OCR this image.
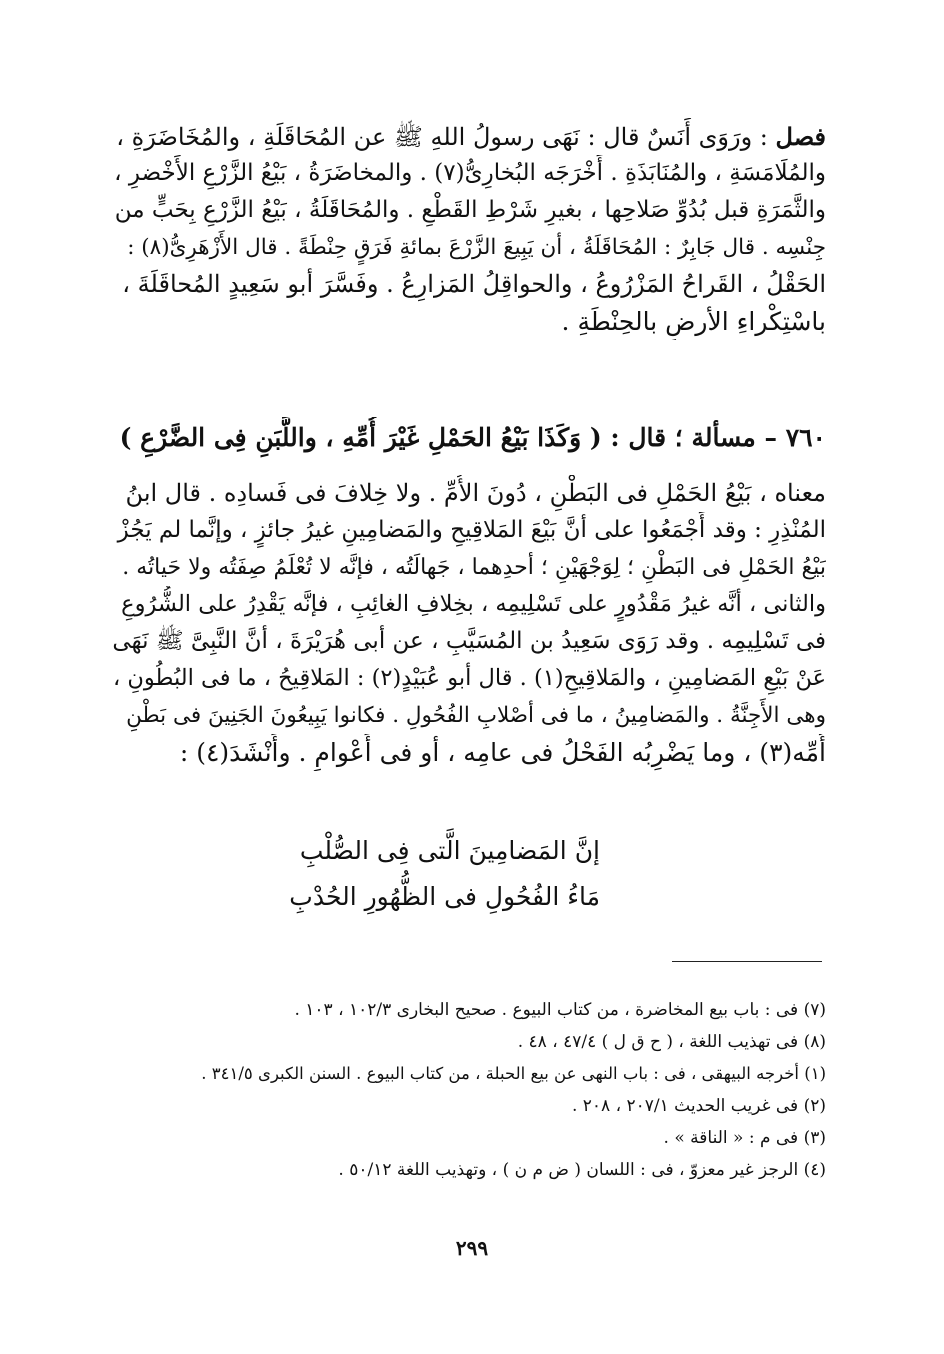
فصل : ورَوَى أَنَسٌ قال : نَهَى رسولُ اللهِ ﷺ عن المُحَاقَلَةِ ، والمُخَاضَرَةِ ،
والمُلَامَسَةِ ، والمُنَابَذَةِ . أَخْرَجَه البُخارِىُّ(٧) . والمخاضَرَةُ ، بَيْعُ الزَّرْعِ الأَخْضرِ ،
والثَّمَرَةِ قبل بُدُوِّ صَلاحِها ، بغيرِ شَرْطِ القَطْعِ . والمُحَاقَلَةُ ، بَيْعُ الزَّرْعِ بِحَبٍّ من
جِنْسِه . قال جَابِرٌ : المُحَاقَلَةُ ، أن يَبِيعَ الزَّرْعَ بمائةِ فَرَقٍ حِنْطَةً . قال الأَزْهَرِىُّ(٨) :
الحَقْلُ ، القَراحُ المَزْرُوعُ ، والحواقِلُ المَزارِعُ . وفَسَّرَ أبو سَعِيدٍ المُحاقَلَةَ ،
باسْتِكْراءِ الأرضِ بالحِنْطَةِ .
٧٦٠ – مسألة ؛ قال : ( وَكَذَا بَيْعُ الحَمْلِ غَيْرَ أُمِّهِ ، واللَّبَنِ فِى الضَّرْعِ )
معناه ، بَيْعُ الحَمْلِ فى البَطْنِ ، دُونَ الأُمِّ . ولا خِلافَ فى فَسادِه . قال ابنُ
المُنْذِرِ : وقد أَجْمَعُوا على أنَّ بَيْعَ المَلاقِيحِ والمَضامِينِ غيرُ جائزٍ ، وإنَّما لم يَجُزْ
بَيْعُ الحَمْلِ فى البَطْنِ ؛ لِوَجْهَيْنِ ؛ أحدِهما ، جَهالَتُه ، فإنَّه لا تُعْلَمُ صِفَتُه ولا حَياتُه .
والثانى ، أنَّه غيرُ مَقْدُورٍ على تَسْلِيمِه ، بخِلافِ الغائِبِ ، فإنَّه يَقْدِرُ على الشُّرُوعِ
فى تَسْلِيمِه . وقد رَوَى سَعِيدُ بن المُسَيَّبِ ، عن أبى هُرَيْرَةَ ، أنَّ النَّبِىَّ ﷺ نَهَى
عَنْ بَيْعِ المَضامِينِ ، والمَلاقِيحِ(١) . قال أبو عُبَيْدٍ(٢) : المَلاقِيحُ ، ما فى البُطُونِ ،
وهى الأَجِنَّةُ . والمَضامِينُ ، ما فى أصْلابِ الفُحُولِ . فكانوا يَبِيعُونَ الجَنِينَ فى بَطْنِ
أُمِّه(٣) ، وما يَضْرِبُه الفَحْلُ فى عامِه ، أو فى أَعْوامٍ . وأَنْشَدَ(٤) :
إنَّ المَضامِينَ الَّتى فِى الصُّلْبِ
مَاءُ الفُحُولِ فى الظُّهُورِ الحُدْبِ
(٧) فى : باب بيع المخاضرة ، من كتاب البيوع . صحيح البخارى ١٠٢/٣ ، ١٠٣ .
(٨) فى تهذيب اللغة ، ( ح ق ل ) ٤٧/٤ ، ٤٨ .
(١) أخرجه البيهقى ، فى : باب النهى عن بيع الحبلة ، من كتاب البيوع . السنن الكبرى ٣٤١/٥ .
(٢) فى غريب الحديث ٢٠٧/١ ، ٢٠٨ .
(٣) فى م : « الناقة » .
(٤) الرجز غير معزوّ ، فى : اللسان ( ض م ن ) ، وتهذيب اللغة ٥٠/١٢ .
٢٩٩
